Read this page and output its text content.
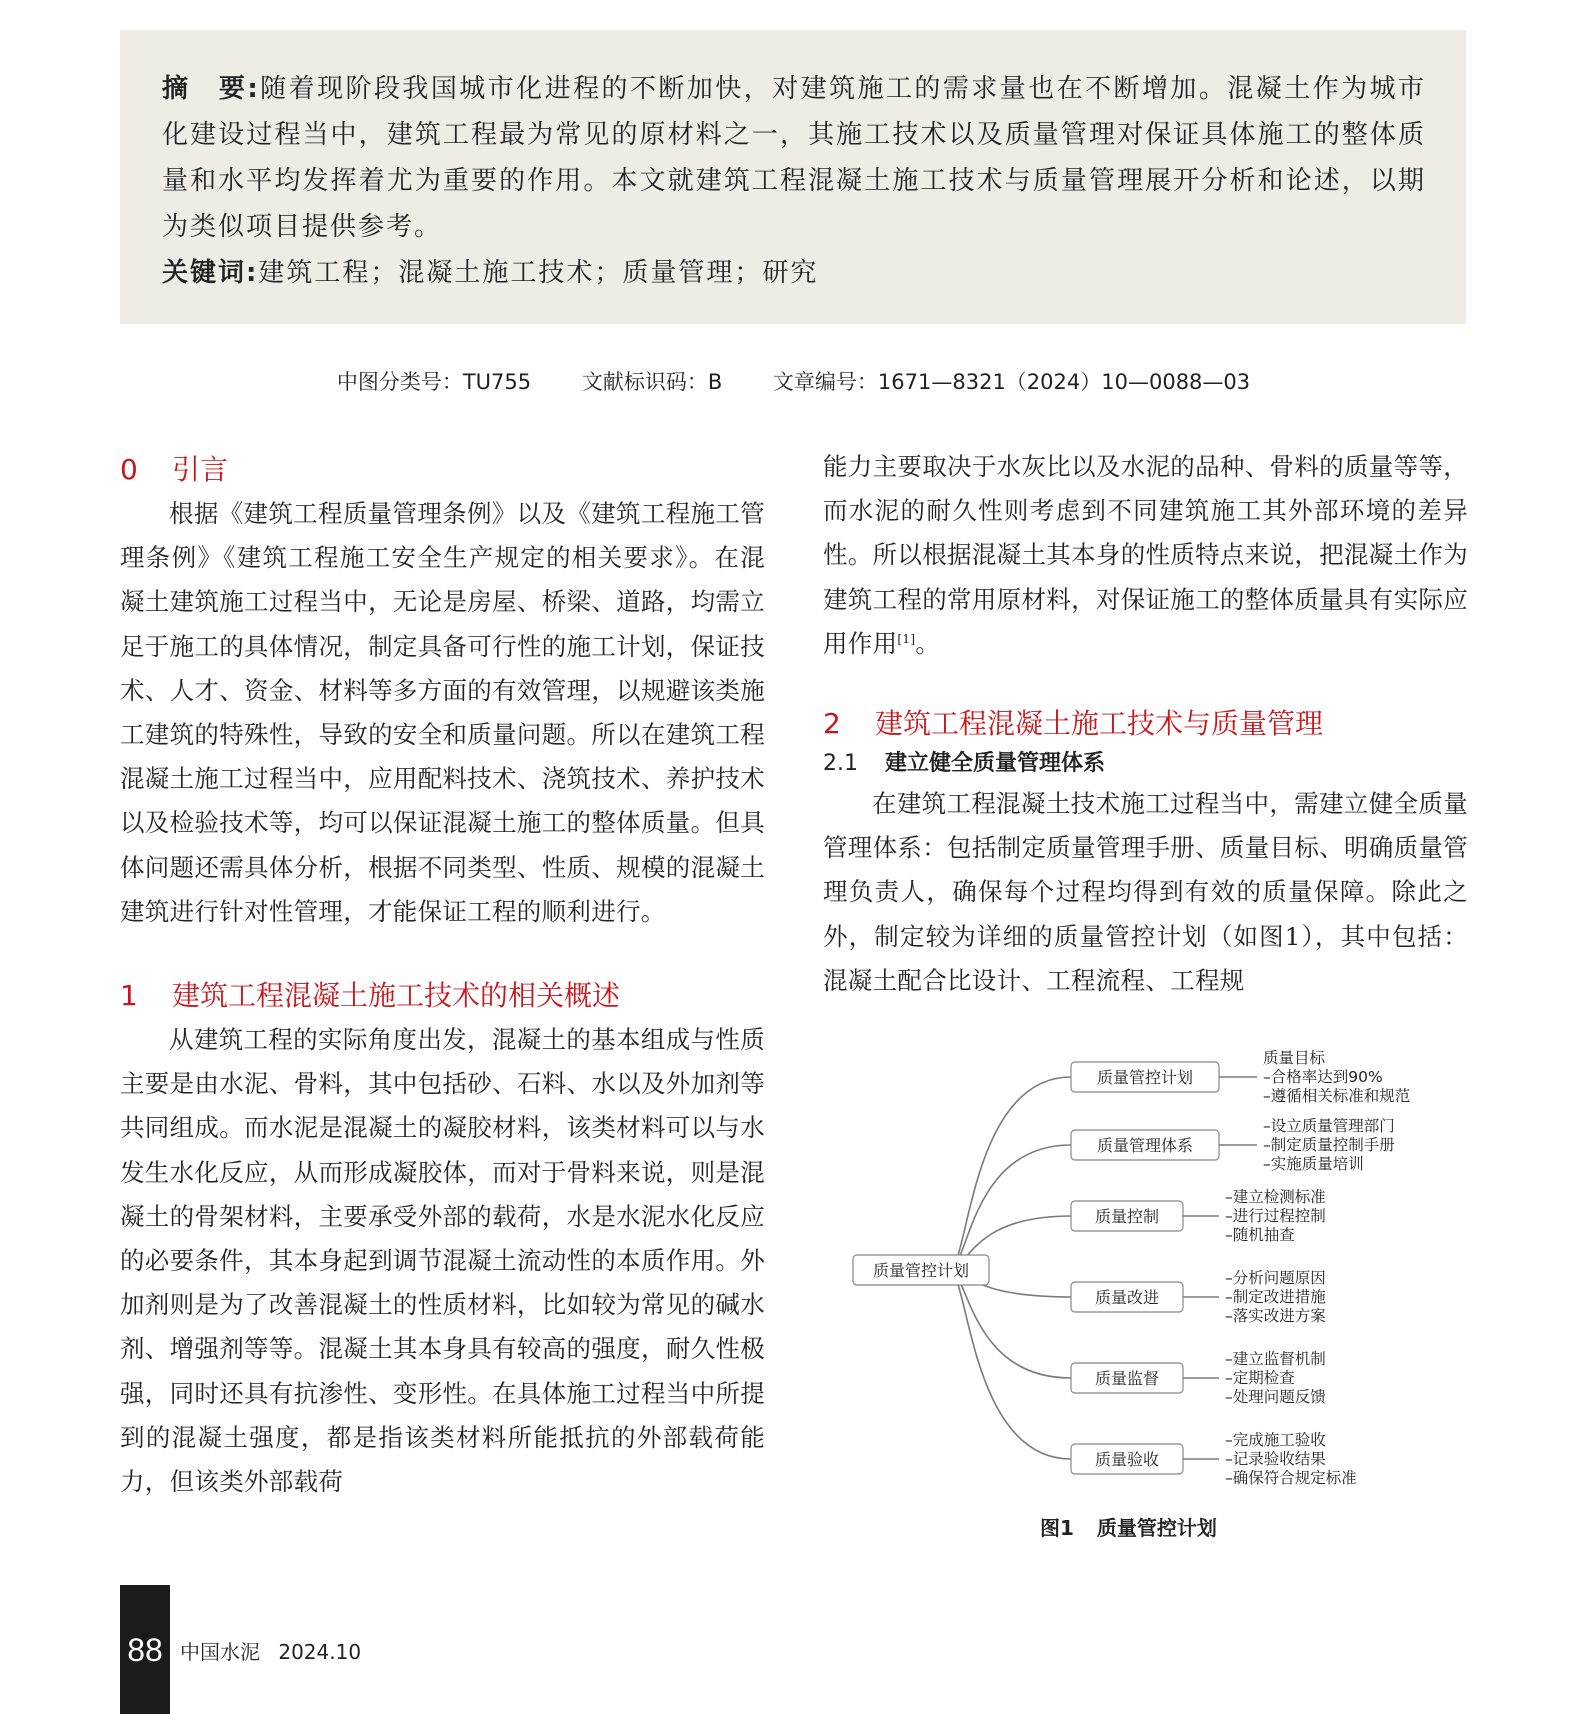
摘　要:随着现阶段我国城市化进程的不断加快，对建筑施工的需求量也在不断增加。混凝土作为城市化建设过程当中，建筑工程最为常见的原材料之一，其施工技术以及质量管理对保证具体施工的整体质量和水平均发挥着尤为重要的作用。本文就建筑工程混凝土施工技术与质量管理展开分析和论述，以期为类似项目提供参考。

关键词:建筑工程；混凝土施工技术；质量管理；研究

中图分类号：TU755 文献标识码：B 文章编号：1671—8321（2024）10—0088—03
0 引言

根据《建筑工程质量管理条例》以及《建筑工程施工管理条例》《建筑工程施工安全生产规定的相关要求》。在混凝土建筑施工过程当中，无论是房屋、桥梁、道路，均需立足于施工的具体情况，制定具备可行性的施工计划，保证技术、人才、资金、材料等多方面的有效管理，以规避该类施工建筑的特殊性，导致的安全和质量问题。所以在建筑工程混凝土施工过程当中，应用配料技术、浇筑技术、养护技术以及检验技术等，均可以保证混凝土施工的整体质量。但具体问题还需具体分析，根据不同类型、性质、规模的混凝土建筑进行针对性管理，才能保证工程的顺利进行。

1 建筑工程混凝土施工技术的相关概述

从建筑工程的实际角度出发，混凝土的基本组成与性质主要是由水泥、骨料，其中包括砂、石料、水以及外加剂等共同组成。而水泥是混凝土的凝胶材料，该类材料可以与水发生水化反应，从而形成凝胶体，而对于骨料来说，则是混凝土的骨架材料，主要承受外部的载荷，水是水泥水化反应的必要条件，其本身起到调节混凝土流动性的本质作用。外加剂则是为了改善混凝土的性质材料，比如较为常见的碱水剂、增强剂等等。混凝土其本身具有较高的强度，耐久性极强，同时还具有抗渗性、变形性。在具体施工过程当中所提到的混凝土强度，都是指该类材料所能抵抗的外部载荷能力，但该类外部载荷

能力主要取决于水灰比以及水泥的品种、骨料的质量等等，而水泥的耐久性则考虑到不同建筑施工其外部环境的差异性。所以根据混凝土其本身的性质特点来说，把混凝土作为建筑工程的常用原材料，对保证施工的整体质量具有实际应用作用[1]。

2 建筑工程混凝土施工技术与质量管理
2.1 建立健全质量管理体系

在建筑工程混凝土技术施工过程当中，需建立健全质量管理体系：包括制定质量管理手册、质量目标、明确质量管理负责人，确保每个过程均得到有效的质量保障。除此之外，制定较为详细的质量管控计划（如图1），其中包括：混凝土配合比设计、工程流程、工程规

质量管控计划
质量管控计划
质量目标
–合格率达到90%
–遵循相关标准和规范
质量管理体系
–设立质量管理部门
–制定质量控制手册
–实施质量培训
质量控制
–建立检测标准
–进行过程控制
–随机抽查
质量改进
–分析问题原因
–制定改进措施
–落实改进方案
质量监督
–建立监督机制
–定期检查
–处理问题反馈
质量验收
–完成施工验收
–记录验收结果
–确保符合规定标准
图1 质量管控计划
88 中国水泥 2024.10
